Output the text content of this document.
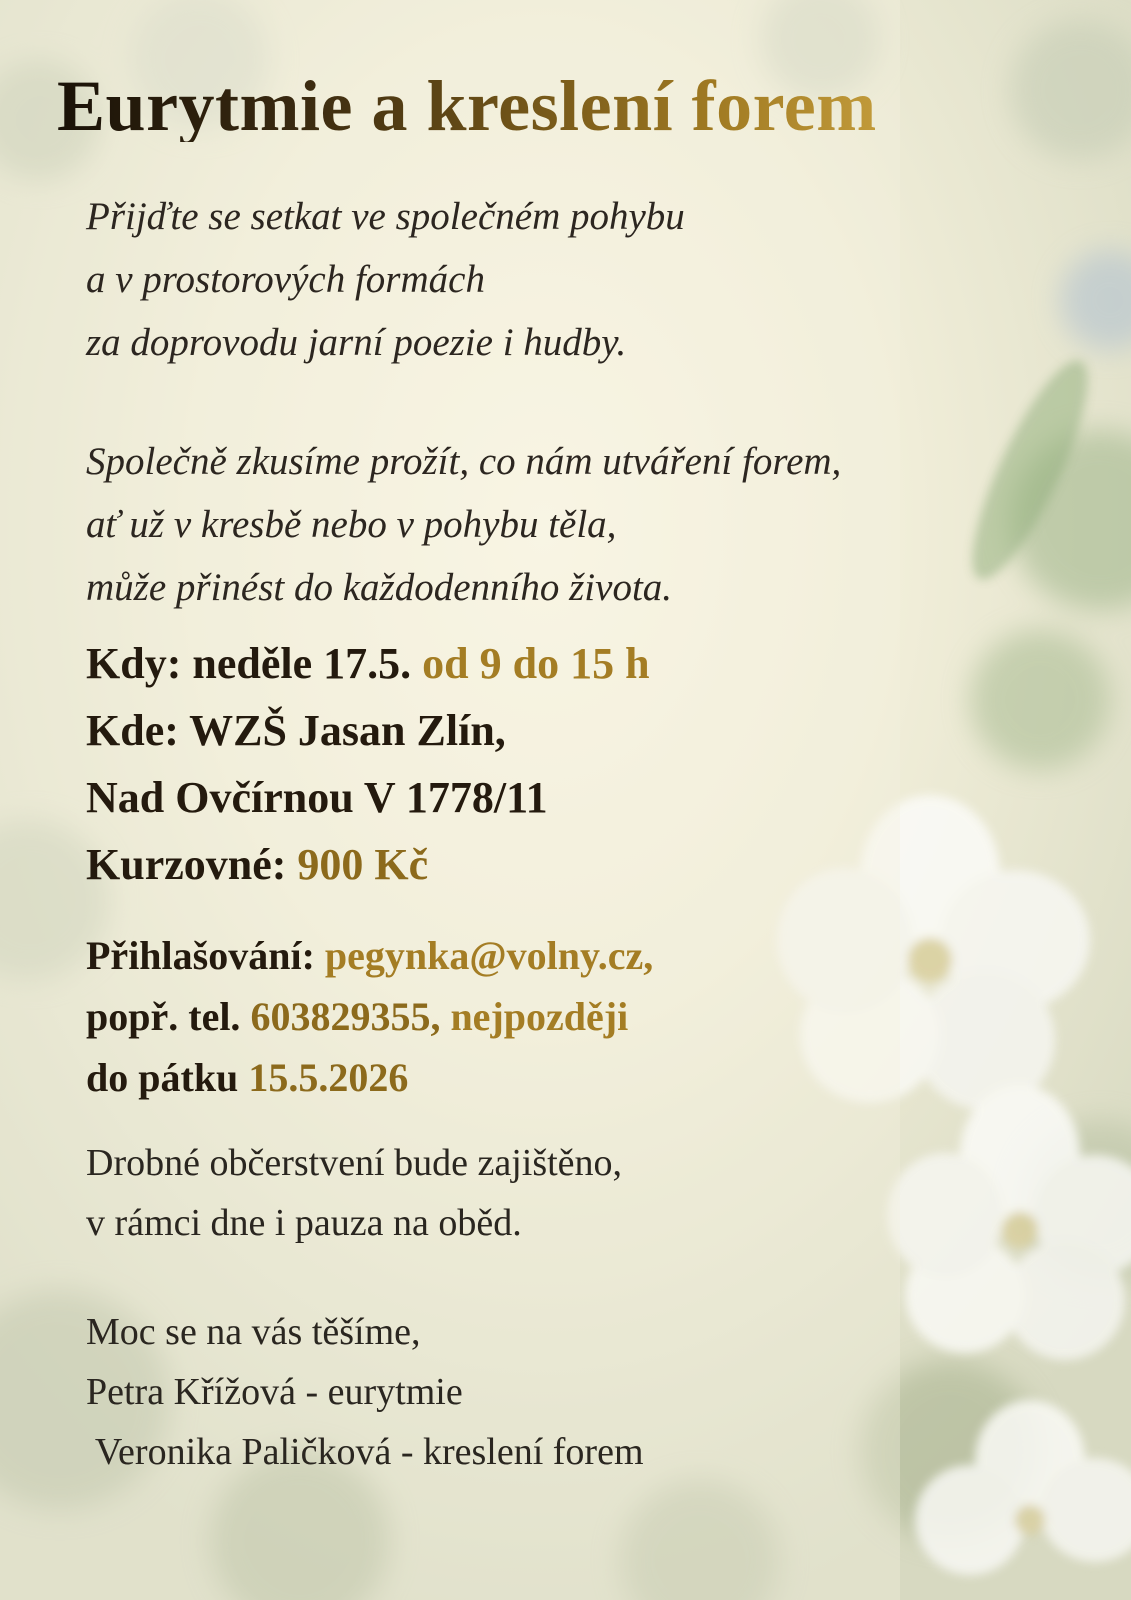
Eurytmie a kreslení forem
Přijďte se setkat ve společném pohybu
a v prostorových formách
za doprovodu jarní poezie i hudby.
Společně zkusíme prožít, co nám utváření forem,
ať už v kresbě nebo v pohybu těla,
může přinést do každodenního života.
Kdy: neděle 17.5. od 9 do 15 h
Kde: WZŠ Jasan Zlín,
Nad Ovčírnou V 1778/11
Kurzovné: 900 Kč
Přihlašování: pegynka@volny.cz,
popř. tel. 603829355, nejpozději
do pátku 15.5.2026
Drobné občerstvení bude zajištěno,
v rámci dne i pauza na oběd.
Moc se na vás těšíme,
Petra Křížová - eurytmie
Veronika Paličková - kreslení forem
